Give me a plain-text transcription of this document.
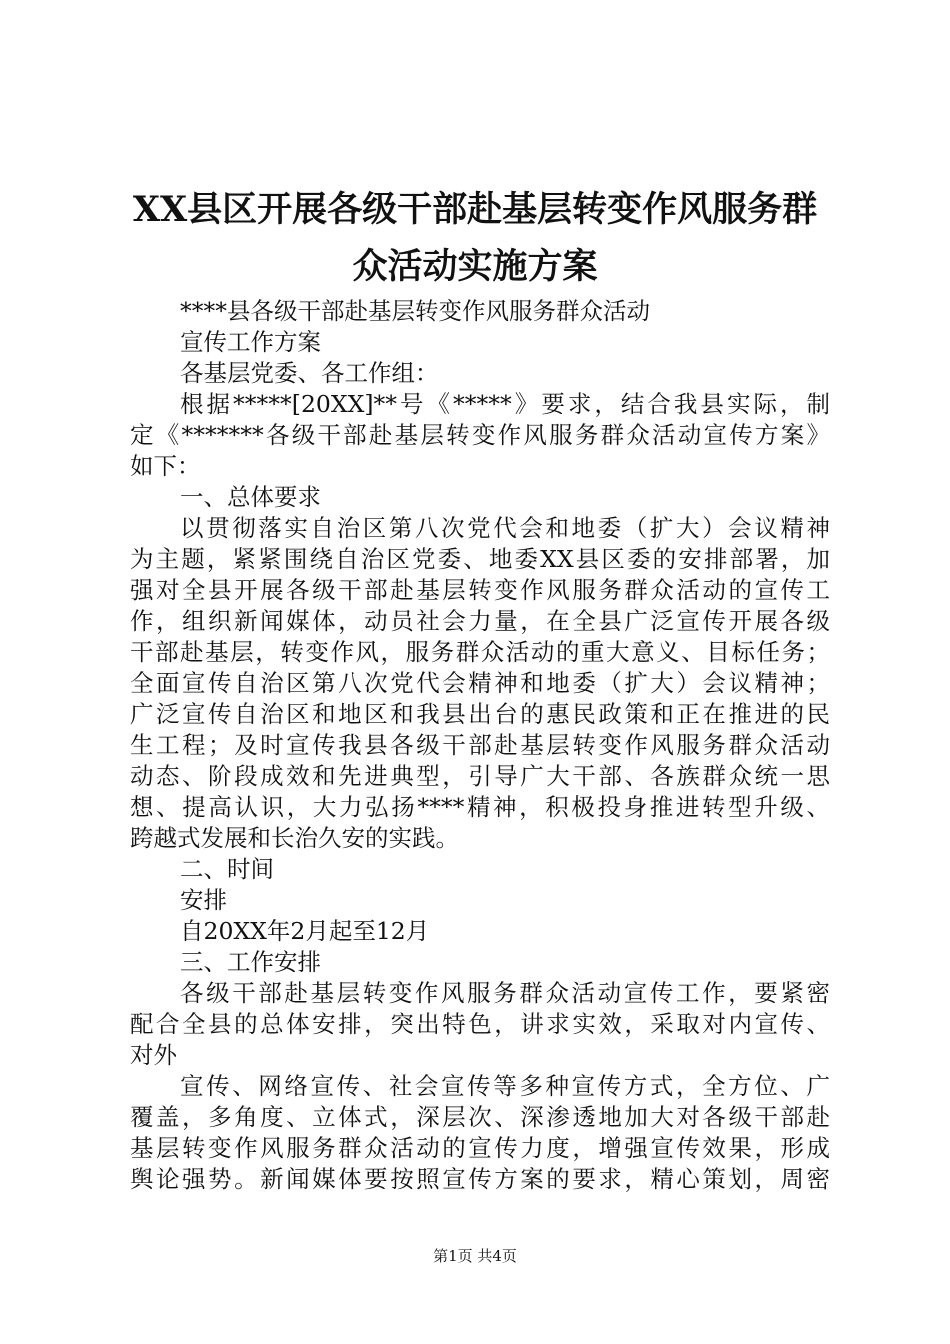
XX县区开展各级干部赴基层转变作风服务群
众活动实施方案
****县各级干部赴基层转变作风服务群众活动
宣传工作方案
各基层党委、各工作组：
根据*****[20XX]**号《*****》要求，结合我县实际，制
定《*******各级干部赴基层转变作风服务群众活动宣传方案》
如下：
一、总体要求
以贯彻落实自治区第八次党代会和地委（扩大）会议精神
为主题，紧紧围绕自治区党委、地委XX县区委的安排部署，加
强对全县开展各级干部赴基层转变作风服务群众活动的宣传工
作，组织新闻媒体，动员社会力量，在全县广泛宣传开展各级
干部赴基层，转变作风，服务群众活动的重大意义、目标任务；
全面宣传自治区第八次党代会精神和地委（扩大）会议精神；
广泛宣传自治区和地区和我县出台的惠民政策和正在推进的民
生工程；及时宣传我县各级干部赴基层转变作风服务群众活动
动态、阶段成效和先进典型，引导广大干部、各族群众统一思
想、提高认识，大力弘扬****精神，积极投身推进转型升级、
跨越式发展和长治久安的实践。
二、时间
安排
自20XX年2月起至12月
三、工作安排
各级干部赴基层转变作风服务群众活动宣传工作，要紧密
配合全县的总体安排，突出特色，讲求实效，采取对内宣传、
对外
宣传、网络宣传、社会宣传等多种宣传方式，全方位、广
覆盖，多角度、立体式，深层次、深渗透地加大对各级干部赴
基层转变作风服务群众活动的宣传力度，增强宣传效果，形成
舆论强势。新闻媒体要按照宣传方案的要求，精心策划，周密
第1页 共4页
